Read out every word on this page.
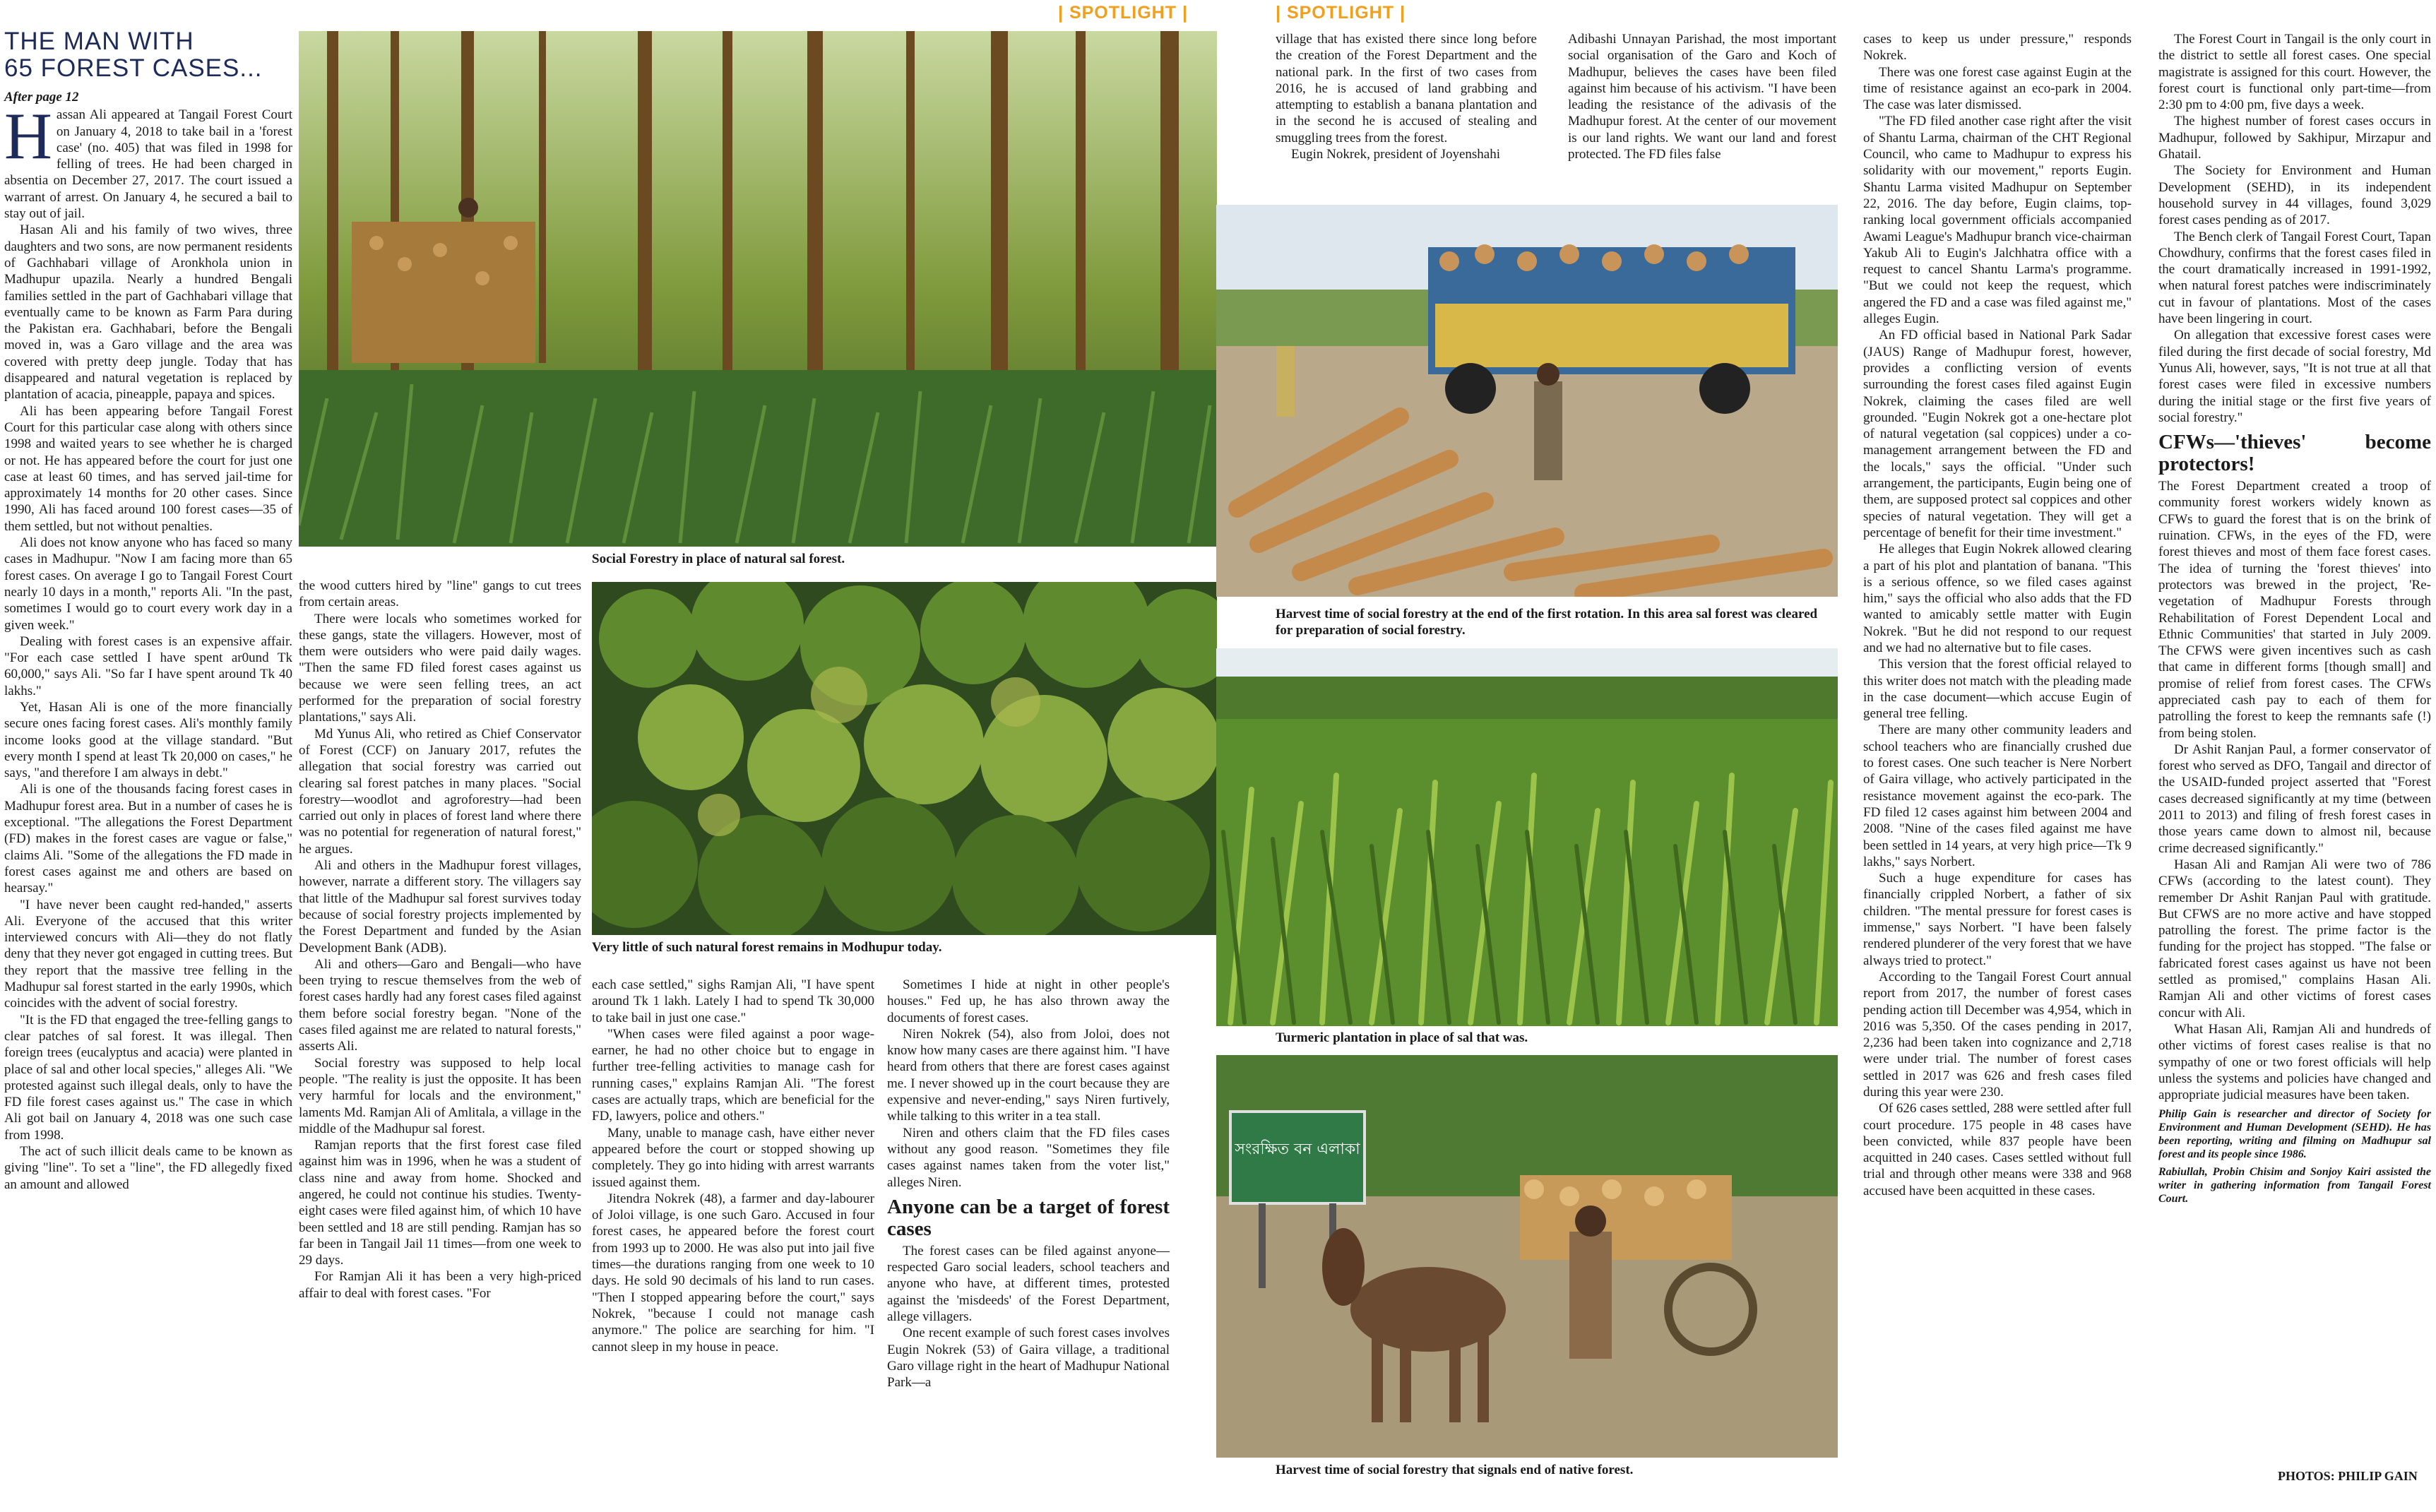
| SPOTLIGHT |	| SPOTLIGHT |
THE MAN WITH
65 FOREST CASES...
After page 12
H assan Ali appeared at Tangail Forest Court on January 4, 2018 to take bail in a 'forest case' (no. 405) that was filed in 1998 for felling of trees. He had been charged in absentia on December 27, 2017. The court issued a warrant of arrest. On January 4, he secured a bail to stay out of jail.

Hasan Ali and his family of two wives, three daughters and two sons, are now permanent residents of Gachhabari village of Aronkhola union in Madhupur upazila. Nearly a hundred Bengali families settled in the part of Gachhabari village that eventually came to be known as Farm Para during the Pakistan era. Gachhabari, before the Bengali moved in, was a Garo village and the area was covered with pretty deep jungle. Today that has disappeared and natural vegetation is replaced by plantation of acacia, pineapple, papaya and spices.

Ali has been appearing before Tangail Forest Court for this particular case along with others since 1998 and waited years to see whether he is charged or not. He has appeared before the court for just one case at least 60 times, and has served jail-time for approximately 14 months for 20 other cases. Since 1990, Ali has faced around 100 forest cases—35 of them settled, but not without penalties.

Ali does not know anyone who has faced so many cases in Madhupur. "Now I am facing more than 65 forest cases. On average I go to Tangail Forest Court nearly 10 days in a month," reports Ali. "In the past, sometimes I would go to court every work day in a given week."

Dealing with forest cases is an expensive affair. "For each case settled I have spent ar0und Tk 60,000," says Ali. "So far I have spent around Tk 40 lakhs."

Yet, Hasan Ali is one of the more financially secure ones facing forest cases. Ali's monthly family income looks good at the village standard. "But every month I spend at least Tk 20,000 on cases," he says, "and therefore I am always in debt."

Ali is one of the thousands facing forest cases in Madhupur forest area. But in a number of cases he is exceptional. "The allegations the Forest Department (FD) makes in the forest cases are vague or false," claims Ali. "Some of the allegations the FD made in forest cases against me and others are based on hearsay."

"I have never been caught red-handed," asserts Ali. Everyone of the accused that this writer interviewed concurs with Ali—they do not flatly deny that they never got engaged in cutting trees. But they report that the massive tree felling in the Madhupur sal forest started in the early 1990s, which coincides with the advent of social forestry.

"It is the FD that engaged the tree-felling gangs to clear patches of sal forest. It was illegal. Then foreign trees (eucalyptus and acacia) were planted in place of sal and other local species," alleges Ali. "We protested against such illegal deals, only to have the FD file forest cases against us." The case in which Ali got bail on January 4, 2018 was one such case from 1998.

The act of such illicit deals came to be known as giving "line". To set a "line", the FD allegedly fixed an amount and allowed

Social Forestry in place of natural sal forest.

the wood cutters hired by "line" gangs to cut trees from certain areas.

There were locals who sometimes worked for these gangs, state the villagers. However, most of them were outsiders who were paid daily wages. "Then the same FD filed forest cases against us because we were seen felling trees, an act performed for the preparation of social forestry plantations," says Ali.

Md Yunus Ali, who retired as Chief Conservator of Forest (CCF) on January 2017, refutes the allegation that social forestry was carried out clearing sal forest patches in many places. "Social forestry—woodlot and agroforestry—had been carried out only in places of forest land where there was no potential for regeneration of natural forest," he argues.

Ali and others in the Madhupur forest villages, however, narrate a different story. The villagers say that little of the Madhupur sal forest survives today because of social forestry projects implemented by the Forest Department and funded by the Asian Development Bank (ADB).

Ali and others—Garo and Bengali—who have been trying to rescue themselves from the web of forest cases hardly had any forest cases filed against them before social forestry began. "None of the cases filed against me are related to natural forests," asserts Ali.

Social forestry was supposed to help local people. "The reality is just the opposite. It has been very harmful for locals and the environment," laments Md. Ramjan Ali of Amlitala, a village in the middle of the Madhupur sal forest.

Ramjan reports that the first forest case filed against him was in 1996, when he was a student of class nine and away from home. Shocked and angered, he could not continue his studies. Twenty-eight cases were filed against him, of which 10 have been settled and 18 are still pending. Ramjan has so far been in Tangail Jail 11 times—from one week to 29 days.

For Ramjan Ali it has been a very high-priced affair to deal with forest cases. "For

Very little of such natural forest remains in Modhupur today.

each case settled," sighs Ramjan Ali, "I have spent around Tk 1 lakh. Lately I had to spend Tk 30,000 to take bail in just one case."

"When cases were filed against a poor wage-earner, he had no other choice but to engage in further tree-felling activities to manage cash for running cases," explains Ramjan Ali. "The forest cases are actually traps, which are beneficial for the FD, lawyers, police and others."

Many, unable to manage cash, have either never appeared before the court or stopped showing up completely. They go into hiding with arrest warrants issued against them.

Jitendra Nokrek (48), a farmer and day-labourer of Joloi village, is one such Garo. Accused in four forest cases, he appeared before the forest court from 1993 up to 2000. He was also put into jail five times—the durations ranging from one week to 10 days. He sold 90 decimals of his land to run cases. "Then I stopped appearing before the court," says Nokrek, "because I could not manage cash anymore." The police are searching for him. "I cannot sleep in my house in peace.

Sometimes I hide at night in other people's houses." Fed up, he has also thrown away the documents of forest cases.

Niren Nokrek (54), also from Joloi, does not know how many cases are there against him. "I have heard from others that there are forest cases against me. I never showed up in the court because they are expensive and never-ending," says Niren furtively, while talking to this writer in a tea stall.

Niren and others claim that the FD files cases without any good reason. "Sometimes they file cases against names taken from the voter list," alleges Niren.

Anyone can be a target of forest cases

The forest cases can be filed against anyone—respected Garo social leaders, school teachers and anyone who have, at different times, protested against the 'misdeeds' of the Forest Department, allege villagers.

One recent example of such forest cases involves Eugin Nokrek (53) of Gaira village, a traditional Garo village right in the heart of Madhupur National Park—a

village that has existed there since long before the creation of the Forest Department and the national park. In the first of two cases from 2016, he is accused of land grabbing and attempting to establish a banana plantation and in the second he is accused of stealing and smuggling trees from the forest.

Eugin Nokrek, president of Joyenshahi

Adibashi Unnayan Parishad, the most important social organisation of the Garo and Koch of Madhupur, believes the cases have been filed against him because of his activism. "I have been leading the resistance of the adivasis of the Madhupur forest. At the center of our movement is our land rights. We want our land and forest protected. The FD files false

Harvest time of social forestry at the end of the first rotation. In this area sal forest was cleared for preparation of social forestry.
Turmeric plantation in place of sal that was.
সংরক্ষিত বন এলাকা
Harvest time of social forestry that signals end of native forest.

cases to keep us under pressure," responds Nokrek.

There was one forest case against Eugin at the time of resistance against an eco-park in 2004. The case was later dismissed.

"The FD filed another case right after the visit of Shantu Larma, chairman of the CHT Regional Council, who came to Madhupur to express his solidarity with our movement," reports Eugin. Shantu Larma visited Madhupur on September 22, 2016. The day before, Eugin claims, top-ranking local government officials accompanied Awami League's Madhupur branch vice-chairman Yakub Ali to Eugin's Jalchhatra office with a request to cancel Shantu Larma's programme. "But we could not keep the request, which angered the FD and a case was filed against me," alleges Eugin.

An FD official based in National Park Sadar (JAUS) Range of Madhupur forest, however, provides a conflicting version of events surrounding the forest cases filed against Eugin Nokrek, claiming the cases filed are well grounded. "Eugin Nokrek got a one-hectare plot of natural vegetation (sal coppices) under a co-management arrangement between the FD and the locals," says the official. "Under such arrangement, the participants, Eugin being one of them, are supposed protect sal coppices and other species of natural vegetation. They will get a percentage of benefit for their time investment."

He alleges that Eugin Nokrek allowed clearing a part of his plot and plantation of banana. "This is a serious offence, so we filed cases against him," says the official who also adds that the FD wanted to amicably settle matter with Eugin Nokrek. "But he did not respond to our request and we had no alternative but to file cases.

This version that the forest official relayed to this writer does not match with the pleading made in the case document—which accuse Eugin of general tree felling.

There are many other community leaders and school teachers who are financially crushed due to forest cases. One such teacher is Nere Norbert of Gaira village, who actively participated in the resistance movement against the eco-park. The FD filed 12 cases against him between 2004 and 2008. "Nine of the cases filed against me have been settled in 14 years, at very high price—Tk 9 lakhs," says Norbert.

Such a huge expenditure for cases has financially crippled Norbert, a father of six children. "The mental pressure for forest cases is immense," says Norbert. "I have been falsely rendered plunderer of the very forest that we have always tried to protect."

According to the Tangail Forest Court annual report from 2017, the number of forest cases pending action till December was 4,954, which in 2016 was 5,350. Of the cases pending in 2017, 2,236 had been taken into cognizance and 2,718 were under trial. The number of forest cases settled in 2017 was 626 and fresh cases filed during this year were 230.

Of 626 cases settled, 288 were settled after full court procedure. 175 people in 48 cases have been convicted, while 837 people have been acquitted in 240 cases. Cases settled without full trial and through other means were 338 and 968 accused have been acquitted in these cases.

The Forest Court in Tangail is the only court in the district to settle all forest cases. One special magistrate is assigned for this court. However, the forest court is functional only part-time—from 2:30 pm to 4:00 pm, five days a week.

The highest number of forest cases occurs in Madhupur, followed by Sakhipur, Mirzapur and Ghatail.

The Society for Environment and Human Development (SEHD), in its independent household survey in 44 villages, found 3,029 forest cases pending as of 2017.

The Bench clerk of Tangail Forest Court, Tapan Chowdhury, confirms that the forest cases filed in the court dramatically increased in 1991-1992, when natural forest patches were indiscriminately cut in favour of plantations. Most of the cases have been lingering in court.

On allegation that excessive forest cases were filed during the first decade of social forestry, Md Yunus Ali, however, says, "It is not true at all that forest cases were filed in excessive numbers during the initial stage or the first five years of social forestry."

CFWs—'thieves' become protectors!

The Forest Department created a troop of community forest workers widely known as CFWs to guard the forest that is on the brink of ruination. CFWs, in the eyes of the FD, were forest thieves and most of them face forest cases. The idea of turning the 'forest thieves' into protectors was brewed in the project, 'Re-vegetation of Madhupur Forests through Rehabilitation of Forest Dependent Local and Ethnic Communities' that started in July 2009. The CFWS were given incentives such as cash that came in different forms [though small] and promise of relief from forest cases. The CFWs appreciated cash pay to each of them for patrolling the forest to keep the remnants safe (!) from being stolen.

Dr Ashit Ranjan Paul, a former conservator of forest who served as DFO, Tangail and director of the USAID-funded project asserted that "Forest cases decreased significantly at my time (between 2011 to 2013) and filing of fresh forest cases in those years came down to almost nil, because crime decreased significantly."

Hasan Ali and Ramjan Ali were two of 786 CFWs (according to the latest count). They remember Dr Ashit Ranjan Paul with gratitude. But CFWS are no more active and have stopped patrolling the forest. The prime factor is the funding for the project has stopped. "The false or fabricated forest cases against us have not been settled as promised," complains Hasan Ali. Ramjan Ali and other victims of forest cases concur with Ali.

What Hasan Ali, Ramjan Ali and hundreds of other victims of forest cases realise is that no sympathy of one or two forest officials will help unless the systems and policies have changed and appropriate judicial measures have been taken.

Philip Gain is researcher and director of Society for Environment and Human Development (SEHD). He has been reporting, writing and filming on Madhupur sal forest and its people since 1986.

Rabiullah, Probin Chisim and Sonjoy Kairi assisted the writer in gathering information from Tangail Forest Court.

PHOTOS: PHILIP GAIN
